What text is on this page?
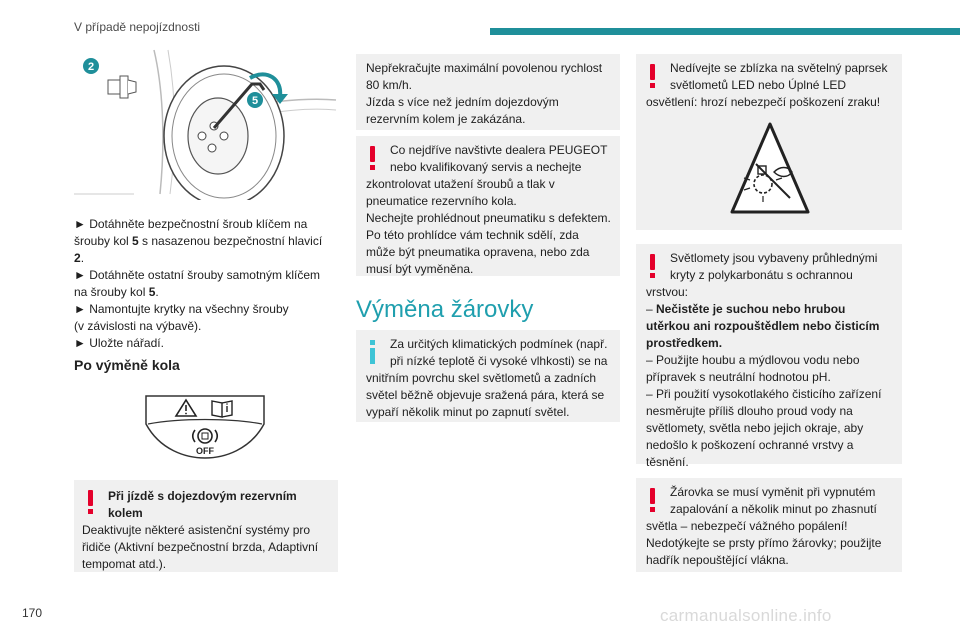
V případě nepojízdnosti
2
5
► Dotáhněte bezpečnostní šroub klíčem na
šrouby kol 5 s nasazenou bezpečnostní hlavicí
2.
► Dotáhněte ostatní šrouby samotným klíčem
na šrouby kol 5.
► Namontujte krytky na všechny šrouby
(v závislosti na výbavě).
► Uložte nářadí.
Po výměně kola
OFF
Při jízdě s dojezdovým rezervním
kolem
Deaktivujte některé asistenční systémy pro
řidiče (Aktivní bezpečnostní brzda, Adaptivní
tempomat atd.).
Nepřekračujte maximální povolenou rychlost
80 km/h.
Jízda s více než jedním dojezdovým
rezervním kolem je zakázána.
Co nejdříve navštivte dealera PEUGEOT
nebo kvalifikovaný servis a nechejte
zkontrolovat utažení šroubů a tlak v
pneumatice rezervního kola.
Nechejte prohlédnout pneumatiku s defektem.
Po této prohlídce vám technik sdělí, zda
může být pneumatika opravena, nebo zda
musí být vyměněna.
Výměna žárovky
Za určitých klimatických podmínek (např.
při nízké teplotě či vysoké vlhkosti) se na
vnitřním povrchu skel světlometů a zadních
světel běžně objevuje sražená pára, která se
vypaří několik minut po zapnutí světel.
Nedívejte se zblízka na světelný paprsek
světlometů LED nebo Úplné LED
osvětlení: hrozí nebezpečí poškození zraku!
Světlomety jsou vybaveny průhlednými
kryty z polykarbonátu s ochrannou
vrstvou:
– Nečistěte je suchou nebo hrubou
utěrkou ani rozpouštědlem nebo čisticím
prostředkem.
– Použijte houbu a mýdlovou vodu nebo
přípravek s neutrální hodnotou pH.
– Při použití vysokotlakého čisticího zařízení
nesměrujte příliš dlouho proud vody na
světlomety, světla nebo jejich okraje, aby
nedošlo k poškození ochranné vrstvy a
těsnění.
Žárovka se musí vyměnit při vypnutém
zapalování a několik minut po zhasnutí
světla – nebezpečí vážného popálení!
Nedotýkejte se prsty přímo žárovky; použijte
hadřík nepouštějící vlákna.
170	carmanualsonline.info
